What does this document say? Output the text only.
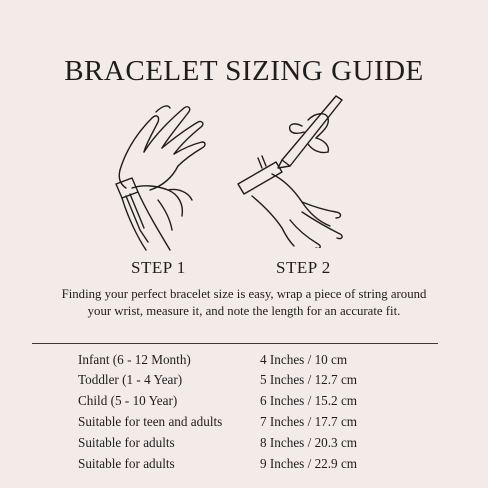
BRACELET SIZING GUIDE
STEP 1	STEP 2

Finding your perfect bracelet size is easy, wrap a piece of string around your wrist, measure it, and note the length for an accurate fit.

Infant (6 - 12 Month)	4 Inches / 10 cm
Toddler (1 - 4 Year)	5 Inches / 12.7 cm
Child (5 - 10 Year)	6 Inches / 15.2 cm
Suitable for teen and adults	7 Inches / 17.7 cm
Suitable for adults	8 Inches / 20.3 cm
Suitable for adults	9 Inches / 22.9 cm
